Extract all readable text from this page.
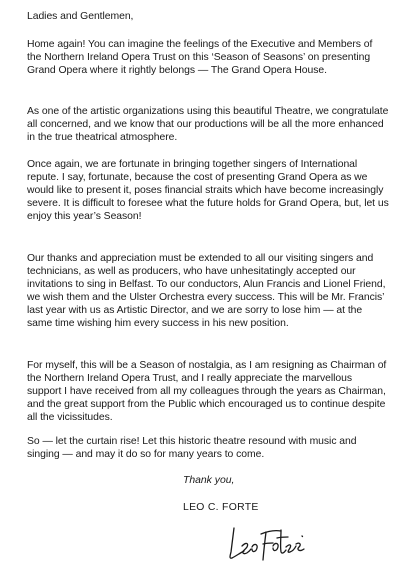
Ladies and Gentlemen,

Home again! You can imagine the feelings of the Executive and Members of the Northern Ireland Opera Trust on this ‘Season of Seasons’ on presenting Grand Opera where it rightly belongs — The Grand Opera House.

As one of the artistic organizations using this beautiful Theatre, we congratulate all concerned, and we know that our productions will be all the more enhanced in the true theatrical atmosphere.

Once again, we are fortunate in bringing together singers of International repute. I say, fortunate, because the cost of presenting Grand Opera as we would like to present it, poses financial straits which have become increasingly severe. It is difficult to foresee what the future holds for Grand Opera, but, let us enjoy this year’s Season!

Our thanks and appreciation must be extended to all our visiting singers and technicians, as well as producers, who have unhesitatingly accepted our invitations to sing in Belfast. To our conductors, Alun Francis and Lionel Friend, we wish them and the Ulster Orchestra every success. This will be Mr. Francis’ last year with us as Artistic Director, and we are sorry to lose him — at the same time wishing him every success in his new position.

For myself, this will be a Season of nostalgia, as I am resigning as Chairman of the Northern Ireland Opera Trust, and I really appreciate the marvellous support I have received from all my colleagues through the years as Chairman, and the great support from the Public which encouraged us to continue despite all the vicissitudes.

So — let the curtain rise! Let this historic theatre resound with music and singing — and may it do so for many years to come.

Thank you,
LEO C. FORTE
